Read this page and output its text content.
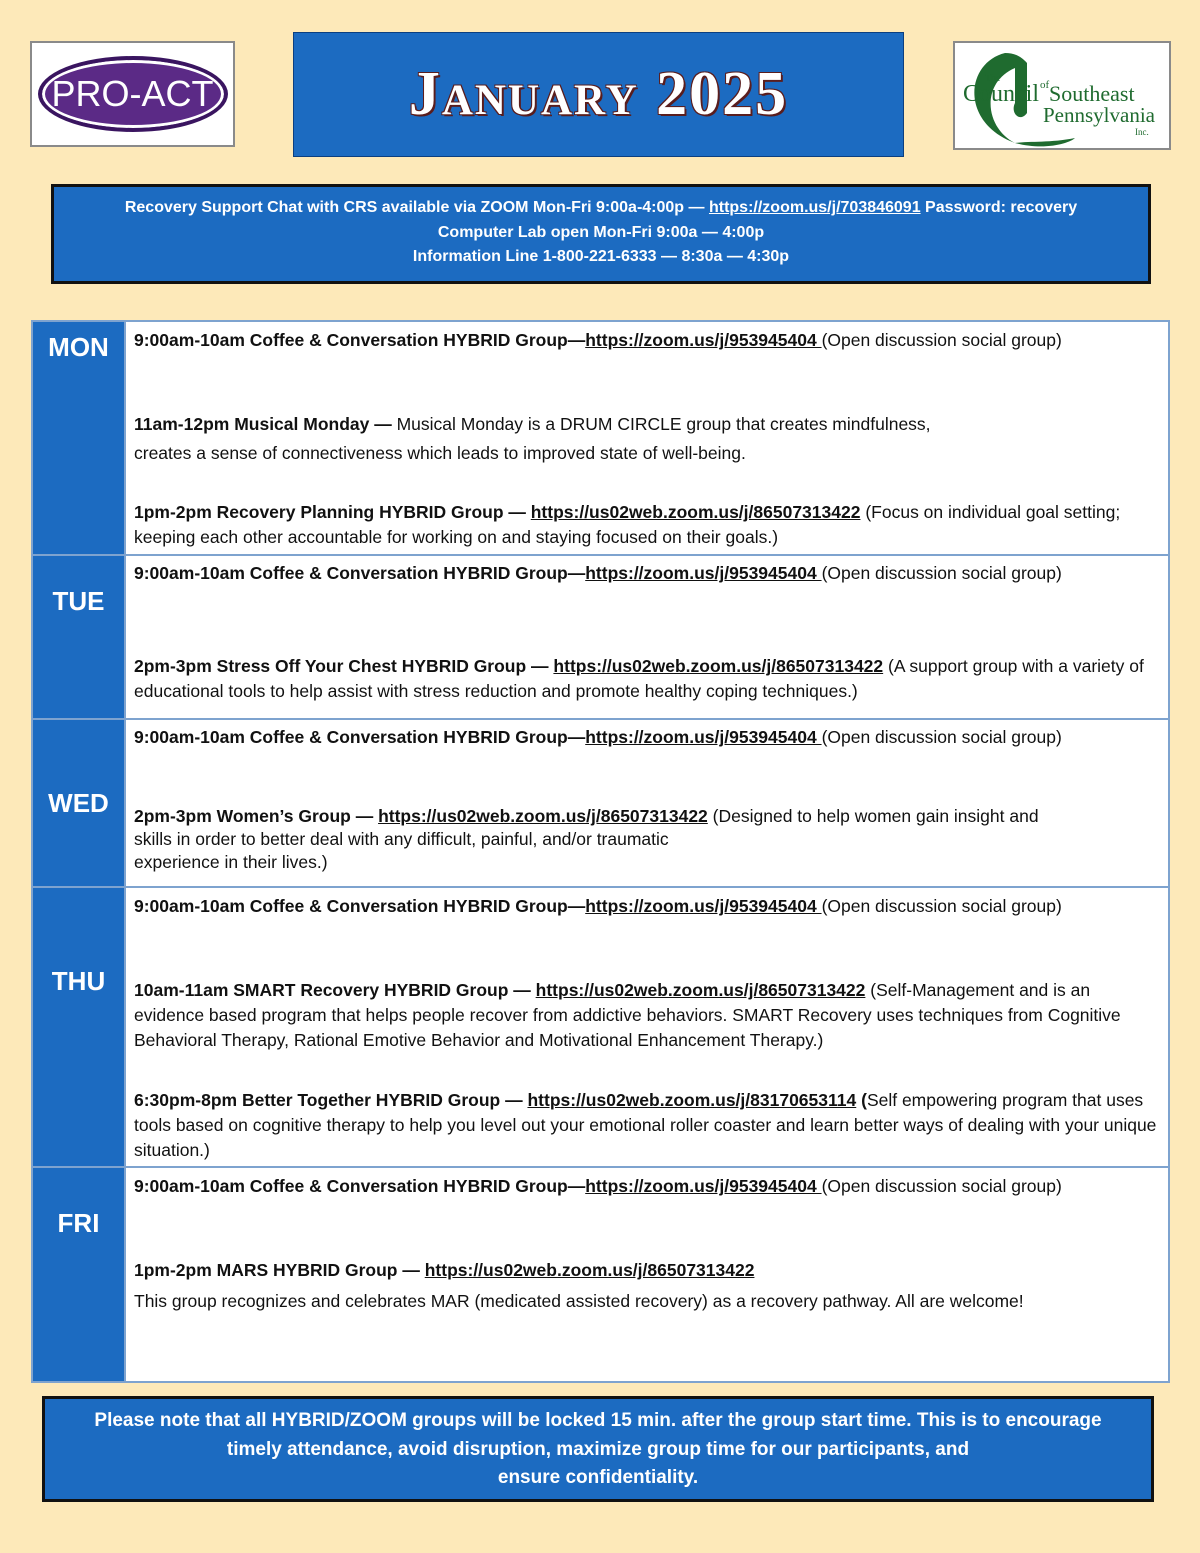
PRO-ACT	January 2025	The
Council of Southeast
Pennsylvania
Inc.
Recovery Support Chat with CRS available via ZOOM Mon-Fri 9:00a-4:00p — https://zoom.us/j/703846091 Password: recovery
Computer Lab open Mon-Fri 9:00a — 4:00p
Information Line 1-800-221-6333 — 8:30a — 4:30p
MON	9:00am-10am Coffee & Conversation HYBRID Group—https://zoom.us/j/953945404 (Open discussion social group)
11am-12pm Musical Monday — Musical Monday is a DRUM CIRCLE group that creates mindfulness,
creates a sense of connectiveness which leads to improved state of well-being.
1pm-2pm Recovery Planning HYBRID Group — https://us02web.zoom.us/j/86507313422 (Focus on individual goal setting; keeping each other accountable for working on and staying focused on their goals.)
TUE
9:00am-10am Coffee & Conversation HYBRID Group—https://zoom.us/j/953945404 (Open discussion social group)
2pm-3pm Stress Off Your Chest HYBRID Group — https://us02web.zoom.us/j/86507313422 (A support group with a variety of educational tools to help assist with stress reduction and promote healthy coping techniques.)
WED
9:00am-10am Coffee & Conversation HYBRID Group—https://zoom.us/j/953945404 (Open discussion social group)
2pm-3pm Women’s Group — https://us02web.zoom.us/j/86507313422 (Designed to help women gain insight and
skills in order to better deal with any difficult, painful, and/or traumatic
experience in their lives.)
THU
9:00am-10am Coffee & Conversation HYBRID Group—https://zoom.us/j/953945404 (Open discussion social group)
10am-11am SMART Recovery HYBRID Group — https://us02web.zoom.us/j/86507313422 (Self-Management and is an evidence based program that helps people recover from addictive behaviors. SMART Recovery uses techniques from Cognitive Behavioral Therapy, Rational Emotive Behavior and Motivational Enhancement Therapy.)
6:30pm-8pm Better Together HYBRID Group — https://us02web.zoom.us/j/83170653114 (Self empowering program that uses tools based on cognitive therapy to help you level out your emotional roller coaster and learn better ways of dealing with your unique situation.)
FRI
9:00am-10am Coffee & Conversation HYBRID Group—https://zoom.us/j/953945404 (Open discussion social group)
1pm-2pm MARS HYBRID Group — https://us02web.zoom.us/j/86507313422
This group recognizes and celebrates MAR (medicated assisted recovery) as a recovery pathway. All are welcome!
Please note that all HYBRID/ZOOM groups will be locked 15 min. after the group start time. This is to encourage
timely attendance, avoid disruption, maximize group time for our participants, and
ensure confidentiality.
